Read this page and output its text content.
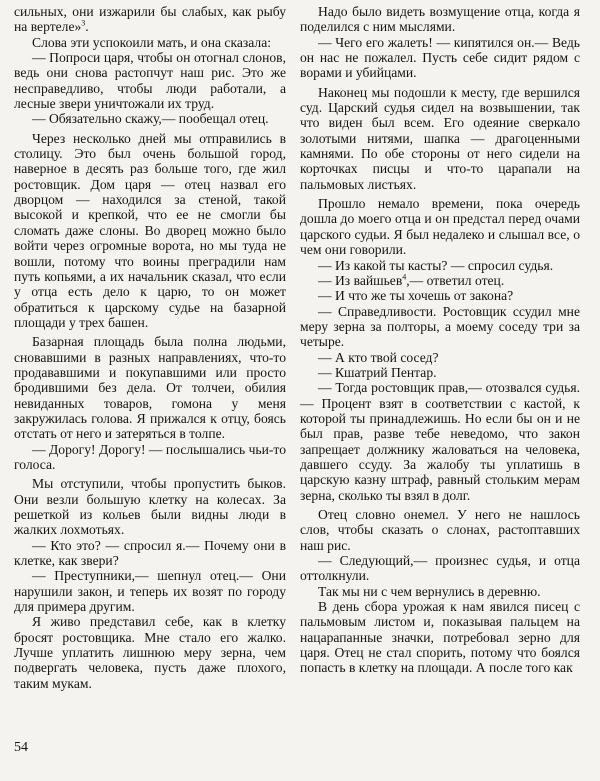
сильных, они изжарили бы слабых, как рыбу на вертеле»$^3$.

Слова эти успокоили мать, и она сказала:

— Попроси царя, чтобы он отогнал слонов, ведь они снова растопчут наш рис. Это же несправедливо, чтобы люди работали, а лесные звери уничтожали их труд.

— Обязательно скажу,— пообещал отец.

Через несколько дней мы отправились в столицу. Это был очень большой город, наверное в десять раз больше того, где жил ростовщик. Дом царя — отец назвал его дворцом — находился за стеной, такой высокой и крепкой, что ее не смогли бы сломать даже слоны. Во дворец можно было войти через огромные ворота, но мы туда не вошли, потому что воины преградили нам путь копьями, а их начальник сказал, что если у отца есть дело к царю, то он может обратиться к царскому судье на базарной площади у трех башен.

Базарная площадь была полна людьми, сновавшими в разных направлениях, что-то продававшими и покупавшими или просто бродившими без дела. От толчеи, обилия невиданных товаров, гомона у меня закружилась голова. Я прижался к отцу, боясь отстать от него и затеряться в толпе.

— Дорогу! Дорогу! — послышались чьи-то голоса.

Мы отступили, чтобы пропустить быков. Они везли большую клетку на колесах. За решеткой из кольев были видны люди в жалких лохмотьях.

— Кто это? — спросил я.— Почему они в клетке, как звери?

— Преступники,— шепнул отец.— Они нарушили закон, и теперь их возят по городу для примера другим.

Я живо представил себе, как в клетку бросят ростовщика. Мне стало его жалко. Лучше уплатить лишнюю меру зерна, чем подвергать человека, пусть даже плохого, таким мукам.

Надо было видеть возмущение отца, когда я поделился с ним мыслями.

— Чего его жалеть! — кипятился он.— Ведь он нас не пожалел. Пусть себе сидит рядом с ворами и убийцами.

Наконец мы подошли к месту, где вершился суд. Царский судья сидел на возвышении, так что виден был всем. Его одеяние сверкало золотыми нитями, шапка — драгоценными камнями. По обе стороны от него сидели на корточках писцы и что-то царапали на пальмовых листьях.

Прошло немало времени, пока очередь дошла до моего отца и он предстал перед очами царского судьи. Я был недалеко и слышал все, о чем они говорили.

— Из какой ты касты? — спросил судья.

— Из вайшьев$^4$,— ответил отец.

— И что же ты хочешь от закона?

— Справедливости. Ростовщик ссудил мне меру зерна за полторы, а моему соседу три за четыре.

— А кто твой сосед?

— Кшатрий Пентар.

— Тогда ростовщик прав,— отозвался судья.— Процент взят в соответствии с кастой, к которой ты принадлежишь. Но если бы он и не был прав, разве тебе неведомо, что закон запрещает должнику жаловаться на человека, давшего ссуду. За жалобу ты уплатишь в царскую казну штраф, равный стольким мерам зерна, сколько ты взял в долг.

Отец словно онемел. У него не нашлось слов, чтобы сказать о слонах, растоптавших наш рис.

— Следующий,— произнес судья, и отца оттолкнули.

Так мы ни с чем вернулись в деревню.

В день сбора урожая к нам явился писец с пальмовым листом и, показывая пальцем на нацарапанные значки, потребовал зерно для царя. Отец не стал спорить, потому что боялся попасть в клетку на площади. А после того как

54
